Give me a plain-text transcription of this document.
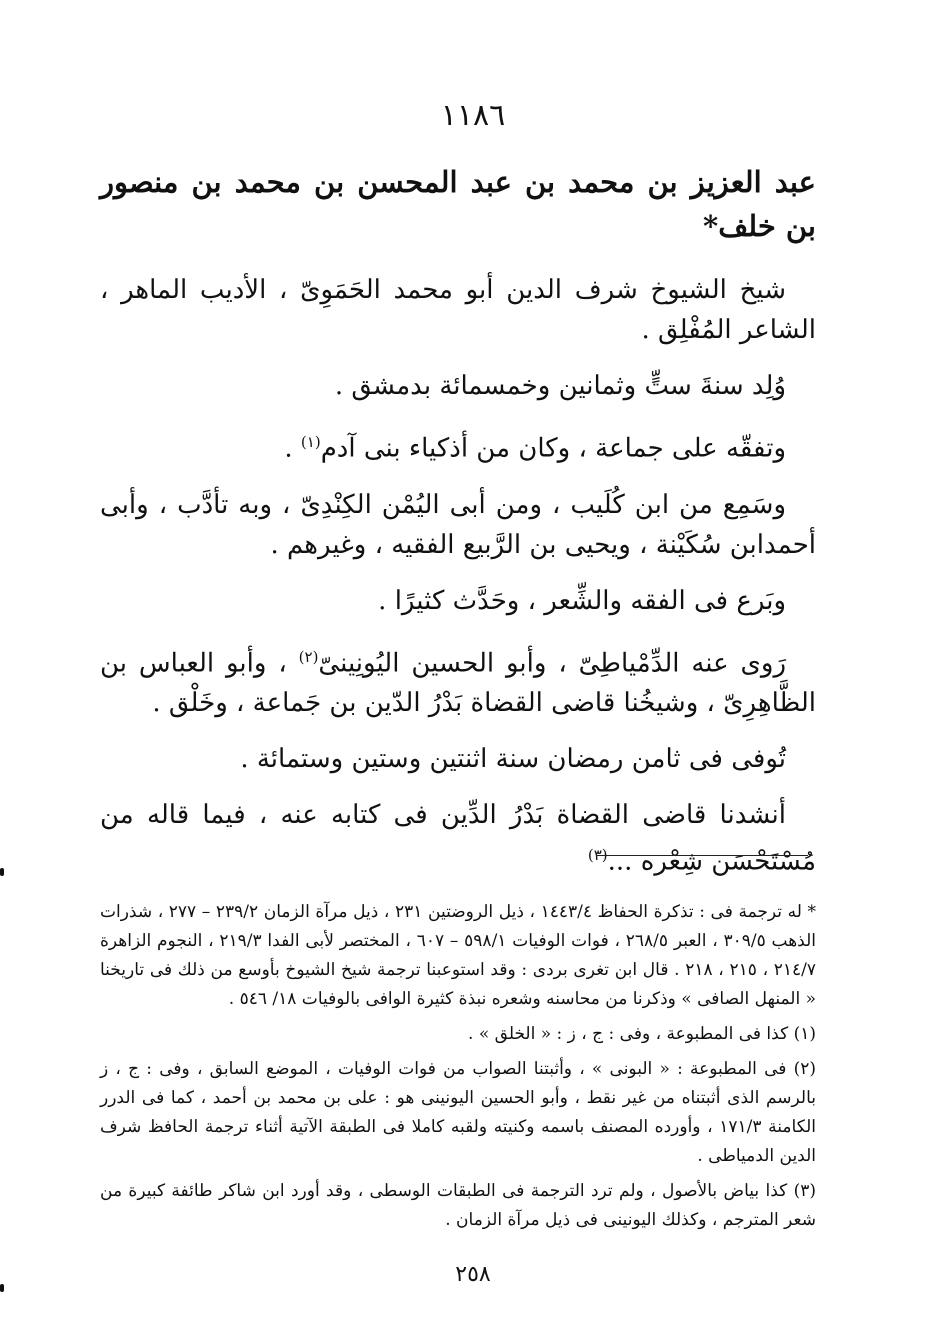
١١٨٦
عبد العزيز بن محمد بن عبد المحسن بن محمد بن منصور بن خلف*

شيخ الشيوخ شرف الدين أبو محمد الحَمَوِىّ ، الأديب الماهر ، الشاعر المُفْلِق .

وُلِد سنةَ ستٍّ وثمانين وخمسمائة بدمشق .

وتفقّه على جماعة ، وكان من أذكياء بنى آدم$^{(١)}$ .

وسَمِع من ابن كُلَيب ، ومن أبى اليُمْن الكِنْدِىّ ، وبه تأدَّب ، وأبى أحمدابن سُكَيْنة ، ويحيى بن الرَّبيع الفقيه ، وغيرهم .

وبَرع فى الفقه والشِّعر ، وحَدَّث كثيرًا .

رَوى عنه الدِّمْياطِىّ ، وأبو الحسين اليُونِينىّ$^{(٢)}$ ، وأبو العباس بن الظَّاهِرِىّ ، وشيخُنا قاضى القضاة بَدْرُ الدّين بن جَماعة ، وخَلْق .

تُوفى فى ثامن رمضان سنة اثنتين وستين وستمائة .

أنشدنا قاضى القضاة بَدْرُ الدِّين فى كتابه عنه ، فيما قاله من مُسْتَحْسَن شِعْره ...$^{(٣)}$

* له ترجمة فى : تذكرة الحفاظ ١٤٤٣/٤ ، ذيل الروضتين ٢٣١ ، ذيل مرآة الزمان ٢٣٩/٢ – ٢٧٧ ، شذرات الذهب ٣٠٩/٥ ، العبر ٢٦٨/٥ ، فوات الوفيات ٥٩٨/١ – ٦٠٧ ، المختصر لأبى الفدا ٢١٩/٣ ، النجوم الزاهرة ٢١٤/٧ ، ٢١٥ ، ٢١٨ . قال ابن تغرى بردى : وقد استوعبنا ترجمة شيخ الشيوخ بأوسع من ذلك فى تاريخنا « المنهل الصافى » وذكرنا من محاسنه وشعره نبذة كثيرة الوافى بالوفيات ١٨/ ٥٤٦ .

(١) كذا فى المطبوعة ، وفى : ج ، ز : « الخلق » .

(٢) فى المطبوعة : « البونى » ، وأثبتنا الصواب من فوات الوفيات ، الموضع السابق ، وفى : ج ، ز بالرسم الذى أثبتناه من غير نقط ، وأبو الحسين اليونينى هو : على بن محمد بن أحمد ، كما فى الدرر الكامنة ١٧١/٣ ، وأورده المصنف باسمه وكنيته ولقبه كاملا فى الطبقة الآتية أثناء ترجمة الحافظ شرف الدين الدمياطى .

(٣) كذا بياض بالأصول ، ولم ترد الترجمة فى الطبقات الوسطى ، وقد أورد ابن شاكر طائفة كبيرة من شعر المترجم ، وكذلك اليونينى فى ذيل مرآة الزمان .

٢٥٨
